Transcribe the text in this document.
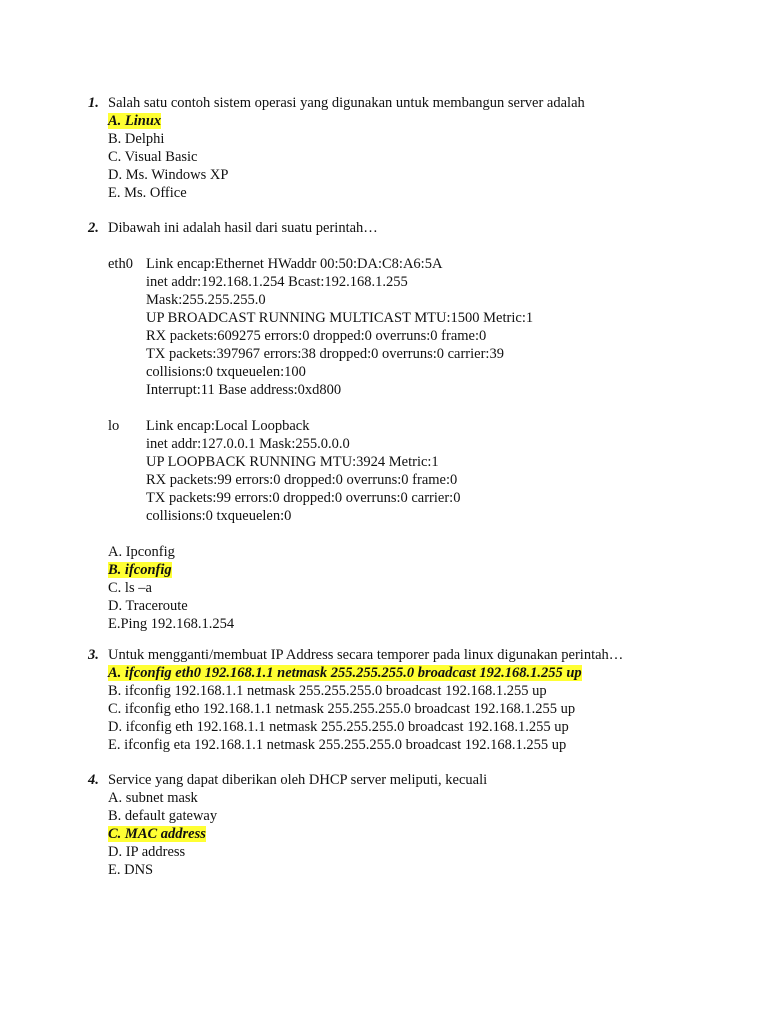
1. Salah satu contoh sistem operasi yang digunakan untuk membangun server adalah
A. Linux
B. Delphi
C. Visual Basic
D. Ms. Windows XP
E. Ms. Office
2. Dibawah ini adalah hasil dari suatu perintah…
eth0 Link encap:Ethernet HWaddr 00:50:DA:C8:A6:5A
inet addr:192.168.1.254 Bcast:192.168.1.255
Mask:255.255.255.0
UP BROADCAST RUNNING MULTICAST MTU:1500 Metric:1
RX packets:609275 errors:0 dropped:0 overruns:0 frame:0
TX packets:397967 errors:38 dropped:0 overruns:0 carrier:39
collisions:0 txqueuelen:100
Interrupt:11 Base address:0xd800
lo Link encap:Local Loopback
inet addr:127.0.0.1 Mask:255.0.0.0
UP LOOPBACK RUNNING MTU:3924 Metric:1
RX packets:99 errors:0 dropped:0 overruns:0 frame:0
TX packets:99 errors:0 dropped:0 overruns:0 carrier:0
collisions:0 txqueuelen:0
A. Ipconfig
B. ifconfig
C. ls –a
D. Traceroute
E.Ping 192.168.1.254
3. Untuk mengganti/membuat IP Address secara temporer pada linux digunakan perintah…
A. ifconfig eth0 192.168.1.1 netmask 255.255.255.0 broadcast 192.168.1.255 up
B. ifconfig 192.168.1.1 netmask 255.255.255.0 broadcast 192.168.1.255 up
C. ifconfig etho 192.168.1.1 netmask 255.255.255.0 broadcast 192.168.1.255 up
D. ifconfig eth 192.168.1.1 netmask 255.255.255.0 broadcast 192.168.1.255 up
E. ifconfig eta 192.168.1.1 netmask 255.255.255.0 broadcast 192.168.1.255 up
4. Service yang dapat diberikan oleh DHCP server meliputi, kecuali
A. subnet mask
B. default gateway
C. MAC address
D. IP address
E. DNS
